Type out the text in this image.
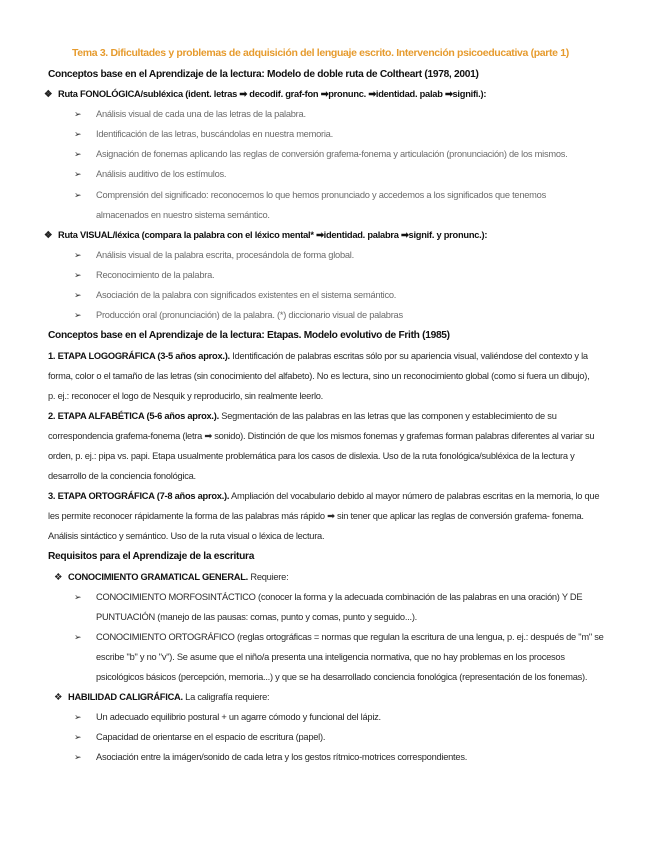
Tema 3. Dificultades y problemas de adquisición del lenguaje escrito. Intervención psicoeducativa (parte 1)
Conceptos base en el Aprendizaje de la lectura: Modelo de doble ruta de Coltheart (1978, 2001)
❖ Ruta FONOLÓGICA/subléxica (ident. letras ➡ decodif. graf-fon ➡pronunc. ➡identidad. palab ➡signifi.):
➢ Análisis visual de cada una de las letras de la palabra.
➢ Identificación de las letras, buscándolas en nuestra memoria.
➢ Asignación de fonemas aplicando las reglas de conversión grafema-fonema y articulación (pronunciación) de los mismos.
➢ Análisis auditivo de los estímulos.
➢ Comprensión del significado: reconocemos lo que hemos pronunciado y accedemos a los significados que tenemos
almacenados en nuestro sistema semántico.
❖ Ruta VISUAL/léxica (compara la palabra con el léxico mental* ➡identidad. palabra ➡signif. y pronunc.):
➢ Análisis visual de la palabra escrita, procesándola de forma global.
➢ Reconocimiento de la palabra.
➢ Asociación de la palabra con significados existentes en el sistema semántico.
➢ Producción oral (pronunciación) de la palabra. (*) diccionario visual de palabras
Conceptos base en el Aprendizaje de la lectura: Etapas. Modelo evolutivo de Frith (1985)
1. ETAPA LOGOGRÁFICA (3-5 años aprox.). Identificación de palabras escritas sólo por su apariencia visual, valiéndose del contexto y la
forma, color o el tamaño de las letras (sin conocimiento del alfabeto). No es lectura, sino un reconocimiento global (como si fuera un dibujo),
p. ej.: reconocer el logo de Nesquik y reproducirlo, sin realmente leerlo.
2. ETAPA ALFABÉTICA (5-6 años aprox.). Segmentación de las palabras en las letras que las componen y establecimiento de su
correspondencia grafema-fonema (letra ➡ sonido). Distinción de que los mismos fonemas y grafemas forman palabras diferentes al variar su
orden, p. ej.: pipa vs. papi. Etapa usualmente problemática para los casos de dislexia. Uso de la ruta fonológica/subléxica de la lectura y
desarrollo de la conciencia fonológica.
3. ETAPA ORTOGRÁFICA (7-8 años aprox.). Ampliación del vocabulario debido al mayor número de palabras escritas en la memoria, lo que
les permite reconocer rápidamente la forma de las palabras más rápido ➡ sin tener que aplicar las reglas de conversión grafema- fonema.
Análisis sintáctico y semántico. Uso de la ruta visual o léxica de lectura.
Requisitos para el Aprendizaje de la escritura
❖ CONOCIMIENTO GRAMATICAL GENERAL. Requiere:
➢ CONOCIMIENTO MORFOSINTÁCTICO (conocer la forma y la adecuada combinación de las palabras en una oración) Y DE
PUNTUACIÓN (manejo de las pausas: comas, punto y comas, punto y seguido...).
➢ CONOCIMIENTO ORTOGRÁFICO (reglas ortográficas = normas que regulan la escritura de una lengua, p. ej.: después de "m" se
escribe "b" y no "v"). Se asume que el niño/a presenta una inteligencia normativa, que no hay problemas en los procesos
psicológicos básicos (percepción, memoria...) y que se ha desarrollado conciencia fonológica (representación de los fonemas).
❖ HABILIDAD CALIGRÁFICA. La caligrafía requiere:
➢ Un adecuado equilibrio postural + un agarre cómodo y funcional del lápiz.
➢ Capacidad de orientarse en el espacio de escritura (papel).
➢ Asociación entre la imágen/sonido de cada letra y los gestos rítmico-motrices correspondientes.
